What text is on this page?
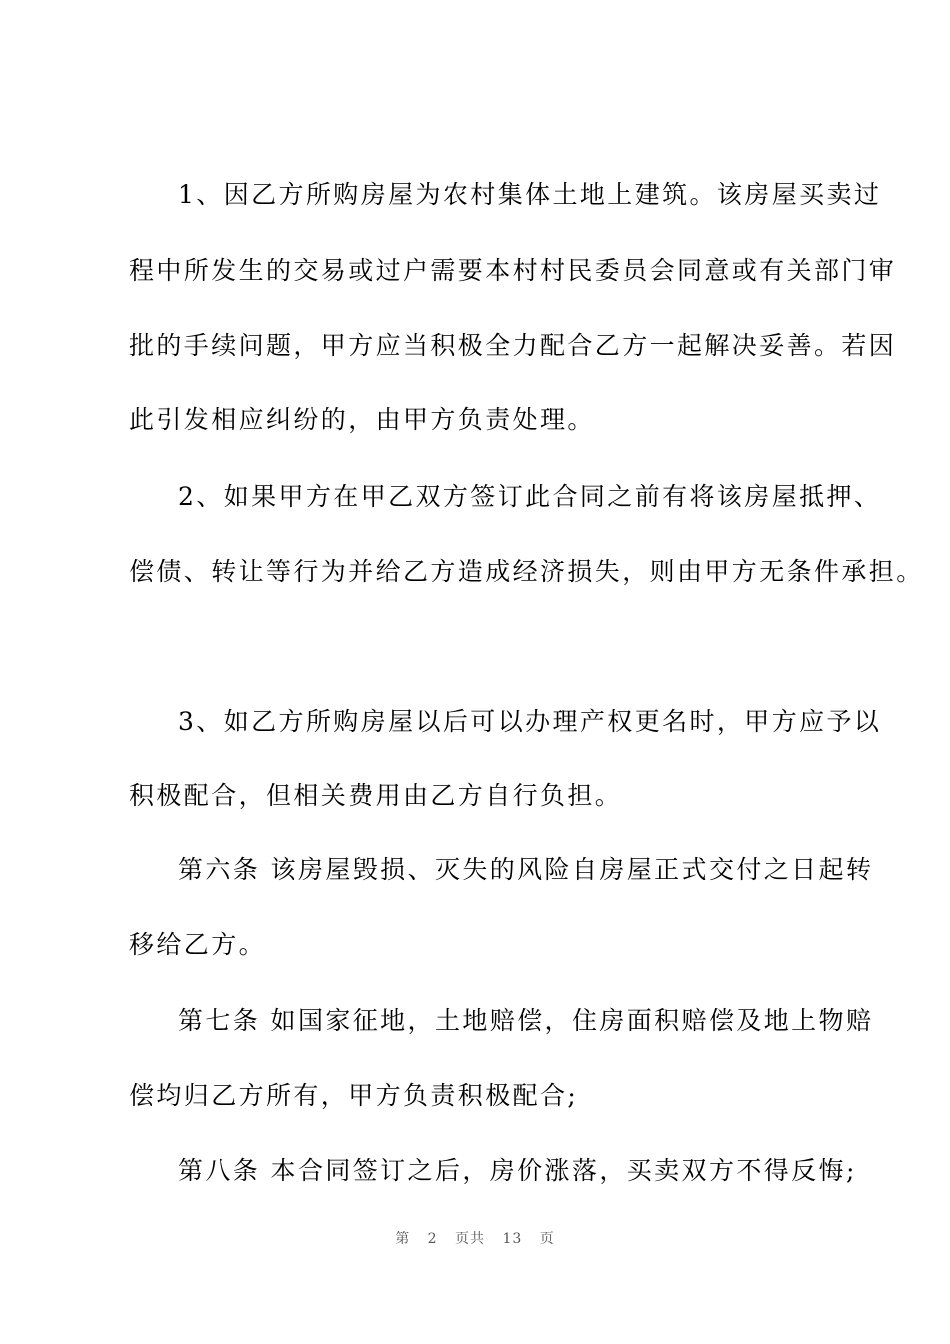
1、因乙方所购房屋为农村集体土地上建筑。该房屋买卖过
程中所发生的交易或过户需要本村村民委员会同意或有关部门审
批的手续问题，甲方应当积极全力配合乙方一起解决妥善。若因
此引发相应纠纷的，由甲方负责处理。
2、如果甲方在甲乙双方签订此合同之前有将该房屋抵押、
偿债、转让等行为并给乙方造成经济损失，则由甲方无条件承担。
3、如乙方所购房屋以后可以办理产权更名时，甲方应予以
积极配合，但相关费用由乙方自行负担。
第六条 该房屋毁损、灭失的风险自房屋正式交付之日起转
移给乙方。
第七条 如国家征地，土地赔偿，住房面积赔偿及地上物赔
偿均归乙方所有，甲方负责积极配合;
第八条 本合同签订之后，房价涨落，买卖双方不得反悔;
第 2 页共 13 页
